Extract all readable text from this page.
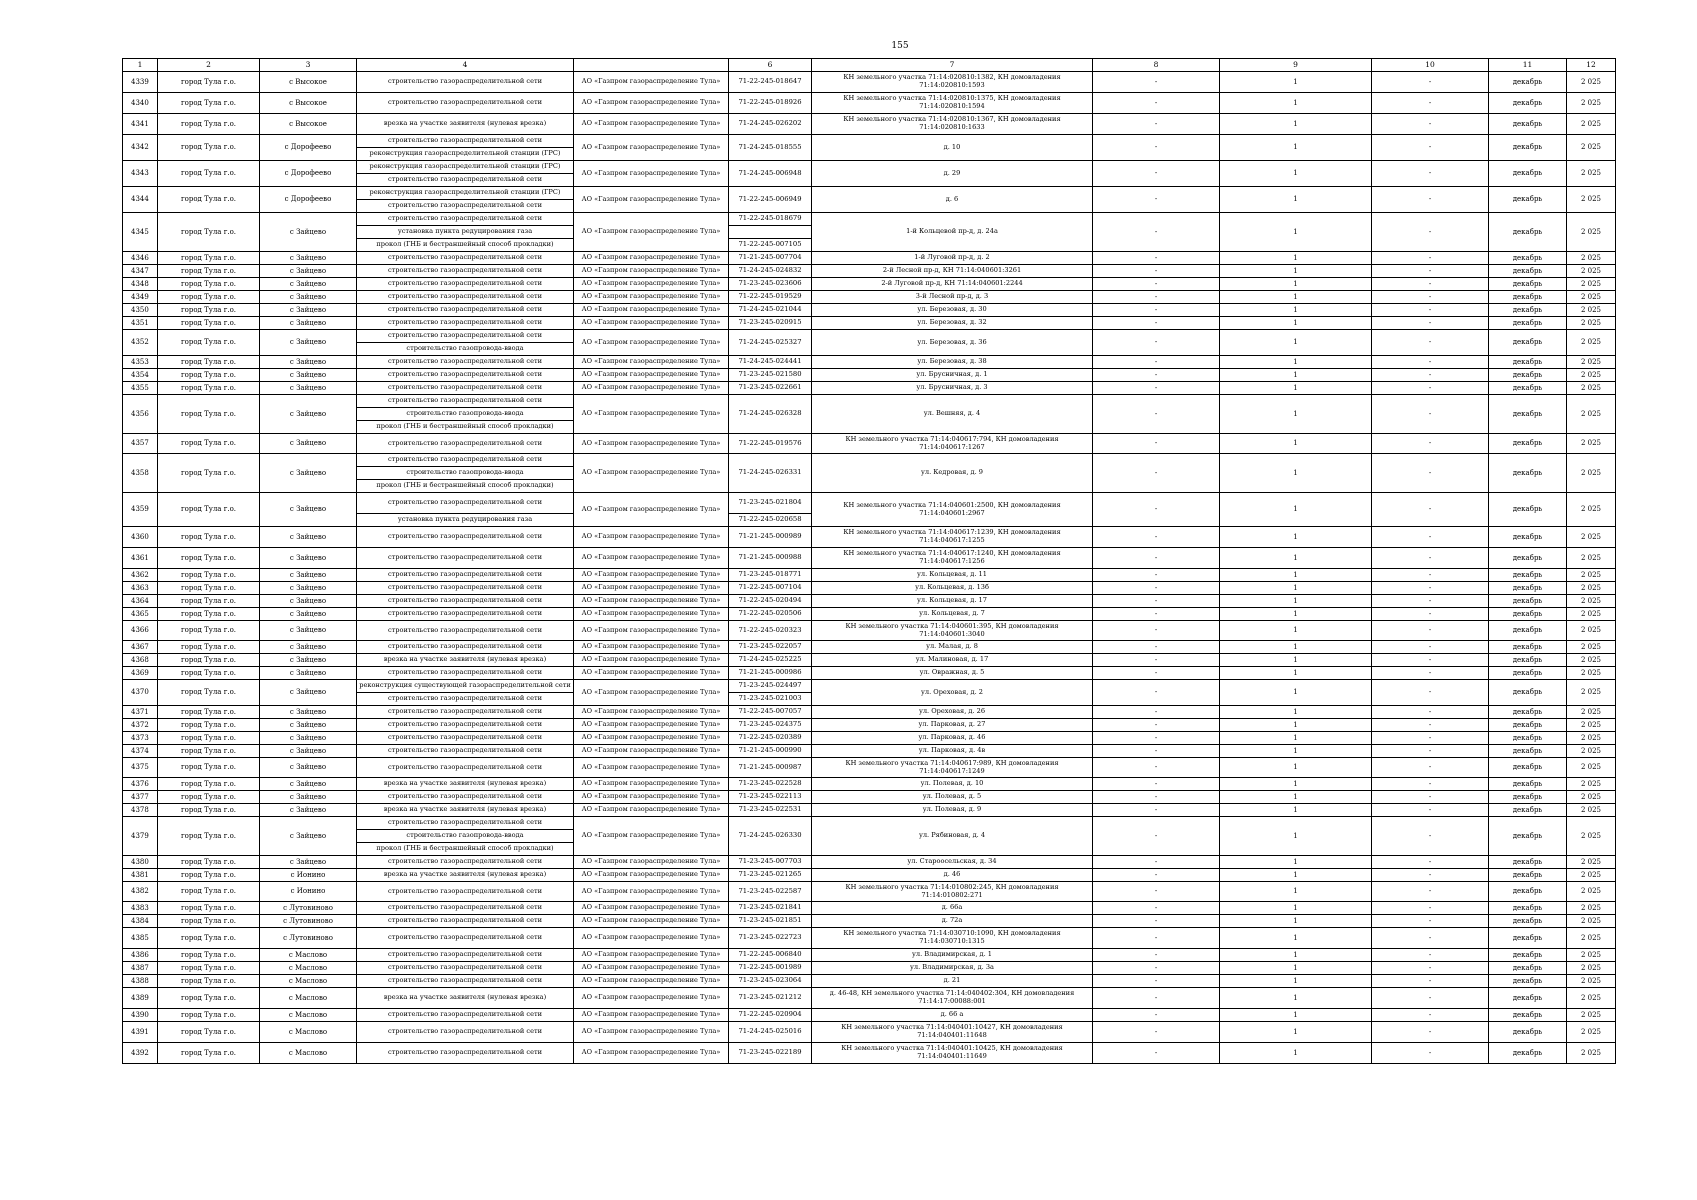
155
1	2	3	4		6	7	8	9	10	11	12
4339	город Тула г.о.	с Высокое	строительство газораспределительной сети	АО «Газпром газораспределение Тула»	71-22-245-018647	КН земельного участка 71:14:020810:1382, КН домовладения 71:14:020810:1593	-	1	-	декабрь	2 025
4340	город Тула г.о.	с Высокое	строительство газораспределительной сети	АО «Газпром газораспределение Тула»	71-22-245-018926	КН земельного участка 71:14:020810:1375, КН домовладения 71:14:020810:1594	-	1	-	декабрь	2 025
4341	город Тула г.о.	с Высокое	врезка на участке заявителя (нулевая врезка)	АО «Газпром газораспределение Тула»	71-24-245-026202	КН земельного участка 71:14:020810:1367, КН домовладения 71:14:020810:1633	-	1	-	декабрь	2 025
4342	город Тула г.о.	с Дорофеево	строительство газораспределительной сети	АО «Газпром газораспределение Тула»	71-24-245-018555	д. 10	-	1	-	декабрь	2 025
			реконструкция газораспределительной станции (ГРС)								
4343	город Тула г.о.	с Дорофеево	реконструкция газораспределительной станции (ГРС)	АО «Газпром газораспределение Тула»	71-24-245-006948	д. 29	-	1	-	декабрь	2 025
			строительство газораспределительной сети								
4344	город Тула г.о.	с Дорофеево	реконструкция газораспределительной станции (ГРС)	АО «Газпром газораспределение Тула»	71-22-245-006949	д. 6	-	1	-	декабрь	2 025
			строительство газораспределительной сети								
4345	город Тула г.о.	с Зайцево	строительство газораспределительной сети	АО «Газпром газораспределение Тула»	71-22-245-018679	1-й Кольцевой пр-д, д. 24а	-	1	-	декабрь	2 025
			установка пункта редуцирования газа								
			прокол (ГНБ и бестраншейный способ прокладки)		71-22-245-007105						
4346	город Тула г.о.	с Зайцево	строительство газораспределительной сети	АО «Газпром газораспределение Тула»	71-21-245-007704	1-й Луговой пр-д, д. 2	-	1	-	декабрь	2 025
4347	город Тула г.о.	с Зайцево	строительство газораспределительной сети	АО «Газпром газораспределение Тула»	71-24-245-024832	2-й Лесной пр-д, КН 71:14:040601:3261	-	1	-	декабрь	2 025
4348	город Тула г.о.	с Зайцево	строительство газораспределительной сети	АО «Газпром газораспределение Тула»	71-23-245-023606	2-й Луговой пр-д, КН 71:14:040601:2244	-	1	-	декабрь	2 025
4349	город Тула г.о.	с Зайцево	строительство газораспределительной сети	АО «Газпром газораспределение Тула»	71-22-245-019529	3-й Лесной пр-д, д. 3	-	1	-	декабрь	2 025
4350	город Тула г.о.	с Зайцево	строительство газораспределительной сети	АО «Газпром газораспределение Тула»	71-24-245-021044	ул. Березовая, д. 30	-	1	-	декабрь	2 025
4351	город Тула г.о.	с Зайцево	строительство газораспределительной сети	АО «Газпром газораспределение Тула»	71-23-245-020915	ул. Березовая, д. 32	-	1	-	декабрь	2 025
4352	город Тула г.о.	с Зайцево	строительство газораспределительной сети	АО «Газпром газораспределение Тула»	71-24-245-025327	ул. Березовая, д. 36	-	1	-	декабрь	2 025
			строительство газопровода-ввода								
4353	город Тула г.о.	с Зайцево	строительство газораспределительной сети	АО «Газпром газораспределение Тула»	71-24-245-024441	ул. Березовая, д. 38	-	1	-	декабрь	2 025
4354	город Тула г.о.	с Зайцево	строительство газораспределительной сети	АО «Газпром газораспределение Тула»	71-23-245-021580	ул. Брусничная, д. 1	-	1	-	декабрь	2 025
4355	город Тула г.о.	с Зайцево	строительство газораспределительной сети	АО «Газпром газораспределение Тула»	71-23-245-022661	ул. Брусничная, д. 3	-	1	-	декабрь	2 025
4356	город Тула г.о.	с Зайцево	строительство газораспределительной сети	АО «Газпром газораспределение Тула»	71-24-245-026328	ул. Вешняя, д. 4	-	1	-	декабрь	2 025
			строительство газопровода-ввода								
			прокол (ГНБ и бестраншейный способ прокладки)								
4357	город Тула г.о.	с Зайцево	строительство газораспределительной сети	АО «Газпром газораспределение Тула»	71-22-245-019576	КН земельного участка 71:14:040617:794, КН домовладения 71:14:040617:1267	-	1	-	декабрь	2 025
4358	город Тула г.о.	с Зайцево	строительство газораспределительной сети	АО «Газпром газораспределение Тула»	71-24-245-026331	ул. Кедровая, д. 9	-	1	-	декабрь	2 025
			строительство газопровода-ввода								
			прокол (ГНБ и бестраншейный способ прокладки)								
4359	город Тула г.о.	с Зайцево	строительство газораспределительной сети	АО «Газпром газораспределение Тула»	71-23-245-021804	КН земельного участка 71:14:040601:2500, КН домовладения 71:14:040601:2967	-	1	-	декабрь	2 025
			установка пункта редуцирования газа		71-22-245-020658						
4360	город Тула г.о.	с Зайцево	строительство газораспределительной сети	АО «Газпром газораспределение Тула»	71-21-245-000989	КН земельного участка 71:14:040617:1239, КН домовладения 71:14:040617:1255	-	1	-	декабрь	2 025
4361	город Тула г.о.	с Зайцево	строительство газораспределительной сети	АО «Газпром газораспределение Тула»	71-21-245-000988	КН земельного участка 71:14:040617:1240, КН домовладения 71:14:040617:1256	-	1	-	декабрь	2 025
4362	город Тула г.о.	с Зайцево	строительство газораспределительной сети	АО «Газпром газораспределение Тула»	71-23-245-018771	ул. Кольцевая, д. 11	-	1	-	декабрь	2 025
4363	город Тула г.о.	с Зайцево	строительство газораспределительной сети	АО «Газпром газораспределение Тула»	71-22-245-007104	ул. Кольцевая, д. 13б	-	1	-	декабрь	2 025
4364	город Тула г.о.	с Зайцево	строительство газораспределительной сети	АО «Газпром газораспределение Тула»	71-22-245-020494	ул. Кольцевая, д. 17	-	1	-	декабрь	2 025
4365	город Тула г.о.	с Зайцево	строительство газораспределительной сети	АО «Газпром газораспределение Тула»	71-22-245-020506	ул. Кольцевая, д. 7	-	1	-	декабрь	2 025
4366	город Тула г.о.	с Зайцево	строительство газораспределительной сети	АО «Газпром газораспределение Тула»	71-22-245-020323	КН земельного участка 71:14:040601:395, КН домовладения 71:14:040601:3040	-	1	-	декабрь	2 025
4367	город Тула г.о.	с Зайцево	строительство газораспределительной сети	АО «Газпром газораспределение Тула»	71-23-245-022057	ул. Малая, д. 8	-	1	-	декабрь	2 025
4368	город Тула г.о.	с Зайцево	врезка на участке заявителя (нулевая врезка)	АО «Газпром газораспределение Тула»	71-24-245-025225	ул. Малиновая, д. 17	-	1	-	декабрь	2 025
4369	город Тула г.о.	с Зайцево	строительство газораспределительной сети	АО «Газпром газораспределение Тула»	71-21-245-000986	ул. Овражная, д. 5	-	1	-	декабрь	2 025
4370	город Тула г.о.	с Зайцево	реконструкция существующей газораспределительной сети	АО «Газпром газораспределение Тула»	71-23-245-024497	ул. Ореховая, д. 2	-	1	-	декабрь	2 025
			строительство газораспределительной сети		71-23-245-021003						
4371	город Тула г.о.	с Зайцево	строительство газораспределительной сети	АО «Газпром газораспределение Тула»	71-22-245-007057	ул. Ореховая, д. 26	-	1	-	декабрь	2 025
4372	город Тула г.о.	с Зайцево	строительство газораспределительной сети	АО «Газпром газораспределение Тула»	71-23-245-024375	ул. Парковая, д. 27	-	1	-	декабрь	2 025
4373	город Тула г.о.	с Зайцево	строительство газораспределительной сети	АО «Газпром газораспределение Тула»	71-22-245-020389	ул. Парковая, д. 46	-	1	-	декабрь	2 025
4374	город Тула г.о.	с Зайцево	строительство газораспределительной сети	АО «Газпром газораспределение Тула»	71-21-245-000990	ул. Парковая, д. 4в	-	1	-	декабрь	2 025
4375	город Тула г.о.	с Зайцево	строительство газораспределительной сети	АО «Газпром газораспределение Тула»	71-21-245-000987	КН земельного участка 71:14:040617:989, КН домовладения 71:14:040617:1249	-	1	-	декабрь	2 025
4376	город Тула г.о.	с Зайцево	врезка на участке заявителя (нулевая врезка)	АО «Газпром газораспределение Тула»	71-23-245-022528	ул. Полевая, д. 10	-	1	-	декабрь	2 025
4377	город Тула г.о.	с Зайцево	строительство газораспределительной сети	АО «Газпром газораспределение Тула»	71-23-245-022113	ул. Полевая, д. 5	-	1	-	декабрь	2 025
4378	город Тула г.о.	с Зайцево	врезка на участке заявителя (нулевая врезка)	АО «Газпром газораспределение Тула»	71-23-245-022531	ул. Полевая, д. 9	-	1	-	декабрь	2 025
4379	город Тула г.о.	с Зайцево	строительство газораспределительной сети	АО «Газпром газораспределение Тула»	71-24-245-026330	ул. Рябиновая, д. 4	-	1	-	декабрь	2 025
			строительство газопровода-ввода								
			прокол (ГНБ и бестраншейный способ прокладки)								
4380	город Тула г.о.	с Зайцево	строительство газораспределительной сети	АО «Газпром газораспределение Тула»	71-23-245-007703	ул. Староосельская, д. 34	-	1	-	декабрь	2 025
4381	город Тула г.о.	с Ионино	врезка на участке заявителя (нулевая врезка)	АО «Газпром газораспределение Тула»	71-23-245-021265	д. 46	-	1	-	декабрь	2 025
4382	город Тула г.о.	с Ионино	строительство газораспределительной сети	АО «Газпром газораспределение Тула»	71-23-245-022587	КН земельного участка 71:14:010802:245, КН домовладения 71:14:010802:271	-	1	-	декабрь	2 025
4383	город Тула г.о.	с Лутовиново	строительство газораспределительной сети	АО «Газпром газораспределение Тула»	71-23-245-021841	д. 66а	-	1	-	декабрь	2 025
4384	город Тула г.о.	с Лутовиново	строительство газораспределительной сети	АО «Газпром газораспределение Тула»	71-23-245-021851	д. 72а	-	1	-	декабрь	2 025
4385	город Тула г.о.	с Лутовиново	строительство газораспределительной сети	АО «Газпром газораспределение Тула»	71-23-245-022723	КН земельного участка 71:14:030710:1090, КН домовладения 71:14:030710:1315	-	1	-	декабрь	2 025
4386	город Тула г.о.	с Маслово	строительство газораспределительной сети	АО «Газпром газораспределение Тула»	71-22-245-006840	ул. Владимирская, д. 1	-	1	-	декабрь	2 025
4387	город Тула г.о.	с Маслово	строительство газораспределительной сети	АО «Газпром газораспределение Тула»	71-22-245-001989	ул. Владимирская, д. 3а	-	1	-	декабрь	2 025
4388	город Тула г.о.	с Маслово	строительство газораспределительной сети	АО «Газпром газораспределение Тула»	71-23-245-023064	д. 21	-	1	-	декабрь	2 025
4389	город Тула г.о.	с Маслово	врезка на участке заявителя (нулевая врезка)	АО «Газпром газораспределение Тула»	71-23-245-021212	д. 46-48, КН земельного участка 71:14:040402:304, КН домовладения 71:14:17:00088:001	-	1	-	декабрь	2 025
4390	город Тула г.о.	с Маслово	строительство газораспределительной сети	АО «Газпром газораспределение Тула»	71-22-245-020904	д. 66 а	-	1	-	декабрь	2 025
4391	город Тула г.о.	с Маслово	строительство газораспределительной сети	АО «Газпром газораспределение Тула»	71-24-245-025016	КН земельного участка 71:14:040401:10427, КН домовладения 71:14:040401:11648	-	1	-	декабрь	2 025
4392	город Тула г.о.	с Маслово	строительство газораспределительной сети	АО «Газпром газораспределение Тула»	71-23-245-022189	КН земельного участка 71:14:040401:10425, КН домовладения 71:14:040401:11649	-	1	-	декабрь	2 025
